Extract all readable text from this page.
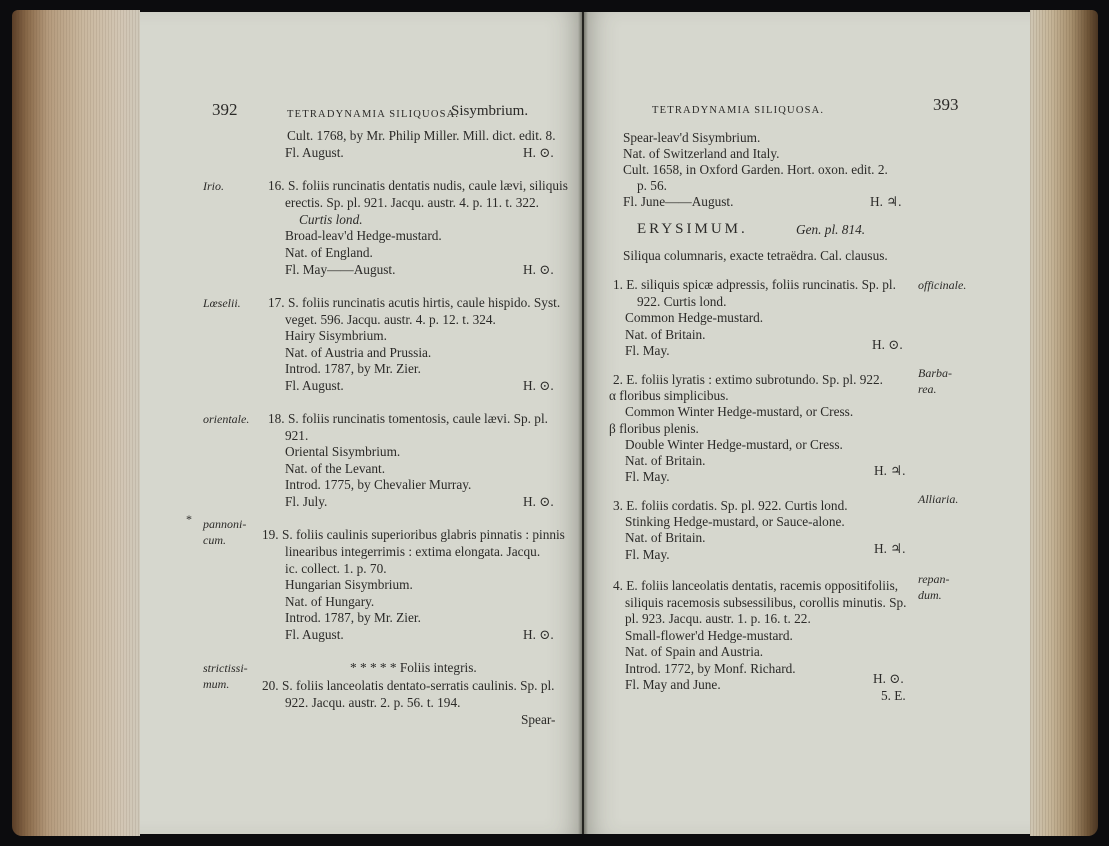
392	TETRADYNAMIA SILIQUOSA.
Sisymbrium.	TETRADYNAMIA SILIQUOSA.	393
ERYSIMUM.	Gen. pl. 814.
*
Cult. 1768, by Mr. Philip Miller. Mill. dict. edit. 8.
Fl. August.	H. ⊙.
16. S. foliis runcinatis dentatis nudis, caule lævi, siliquis
erectis. Sp. pl. 921. Jacqu. austr. 4. p. 11. t. 322.
Curtis lond.
Broad-leav'd Hedge-mustard.
Nat. of England.
Fl. May——August.	H. ⊙.
17. S. foliis runcinatis acutis hirtis, caule hispido. Syst.
veget. 596. Jacqu. austr. 4. p. 12. t. 324.
Hairy Sisymbrium.
Nat. of Austria and Prussia.
Introd. 1787, by Mr. Zier.
Fl. August.	H. ⊙.
18. S. foliis runcinatis tomentosis, caule lævi. Sp. pl.
921.
Oriental Sisymbrium.
Nat. of the Levant.
Introd. 1775, by Chevalier Murray.
Fl. July.	H. ⊙.
19. S. foliis caulinis superioribus glabris pinnatis : pinnis
linearibus integerrimis : extima elongata. Jacqu.
ic. collect. 1. p. 70.
Hungarian Sisymbrium.
Nat. of Hungary.
Introd. 1787, by Mr. Zier.
Fl. August.	H. ⊙.
* * * * * Foliis integris.
20. S. foliis lanceolatis dentato-serratis caulinis. Sp. pl.
922. Jacqu. austr. 2. p. 56. t. 194.
Spear-
Irio.
Lœselii.
orientale.
pannoni-
cum.
strictissi-
mum.
Spear-leav'd Sisymbrium.
Nat. of Switzerland and Italy.
Cult. 1658, in Oxford Garden. Hort. oxon. edit. 2.
p. 56.
Fl. June——August.	H. ♃.
Siliqua columnaris, exacte tetraëdra. Cal. clausus.
1. E. siliquis spicæ adpressis, foliis runcinatis. Sp. pl.
922. Curtis lond.
Common Hedge-mustard.
Nat. of Britain.
Fl. May.	H. ⊙.
2. E. foliis lyratis : extimo subrotundo. Sp. pl. 922.
α floribus simplicibus.
Common Winter Hedge-mustard, or Cress.
β floribus plenis.
Double Winter Hedge-mustard, or Cress.
Nat. of Britain.
Fl. May.	H. ♃.
3. E. foliis cordatis. Sp. pl. 922. Curtis lond.
Stinking Hedge-mustard, or Sauce-alone.
Nat. of Britain.
Fl. May.	H. ♃.
4. E. foliis lanceolatis dentatis, racemis oppositifoliis,
siliquis racemosis subsessilibus, corollis minutis. Sp.
pl. 923. Jacqu. austr. 1. p. 16. t. 22.
Small-flower'd Hedge-mustard.
Nat. of Spain and Austria.
Introd. 1772, by Monf. Richard.
Fl. May and June.	H. ⊙.
5. E.
officinale.
Barba-
rea.
Alliaria.
repan-
dum.
